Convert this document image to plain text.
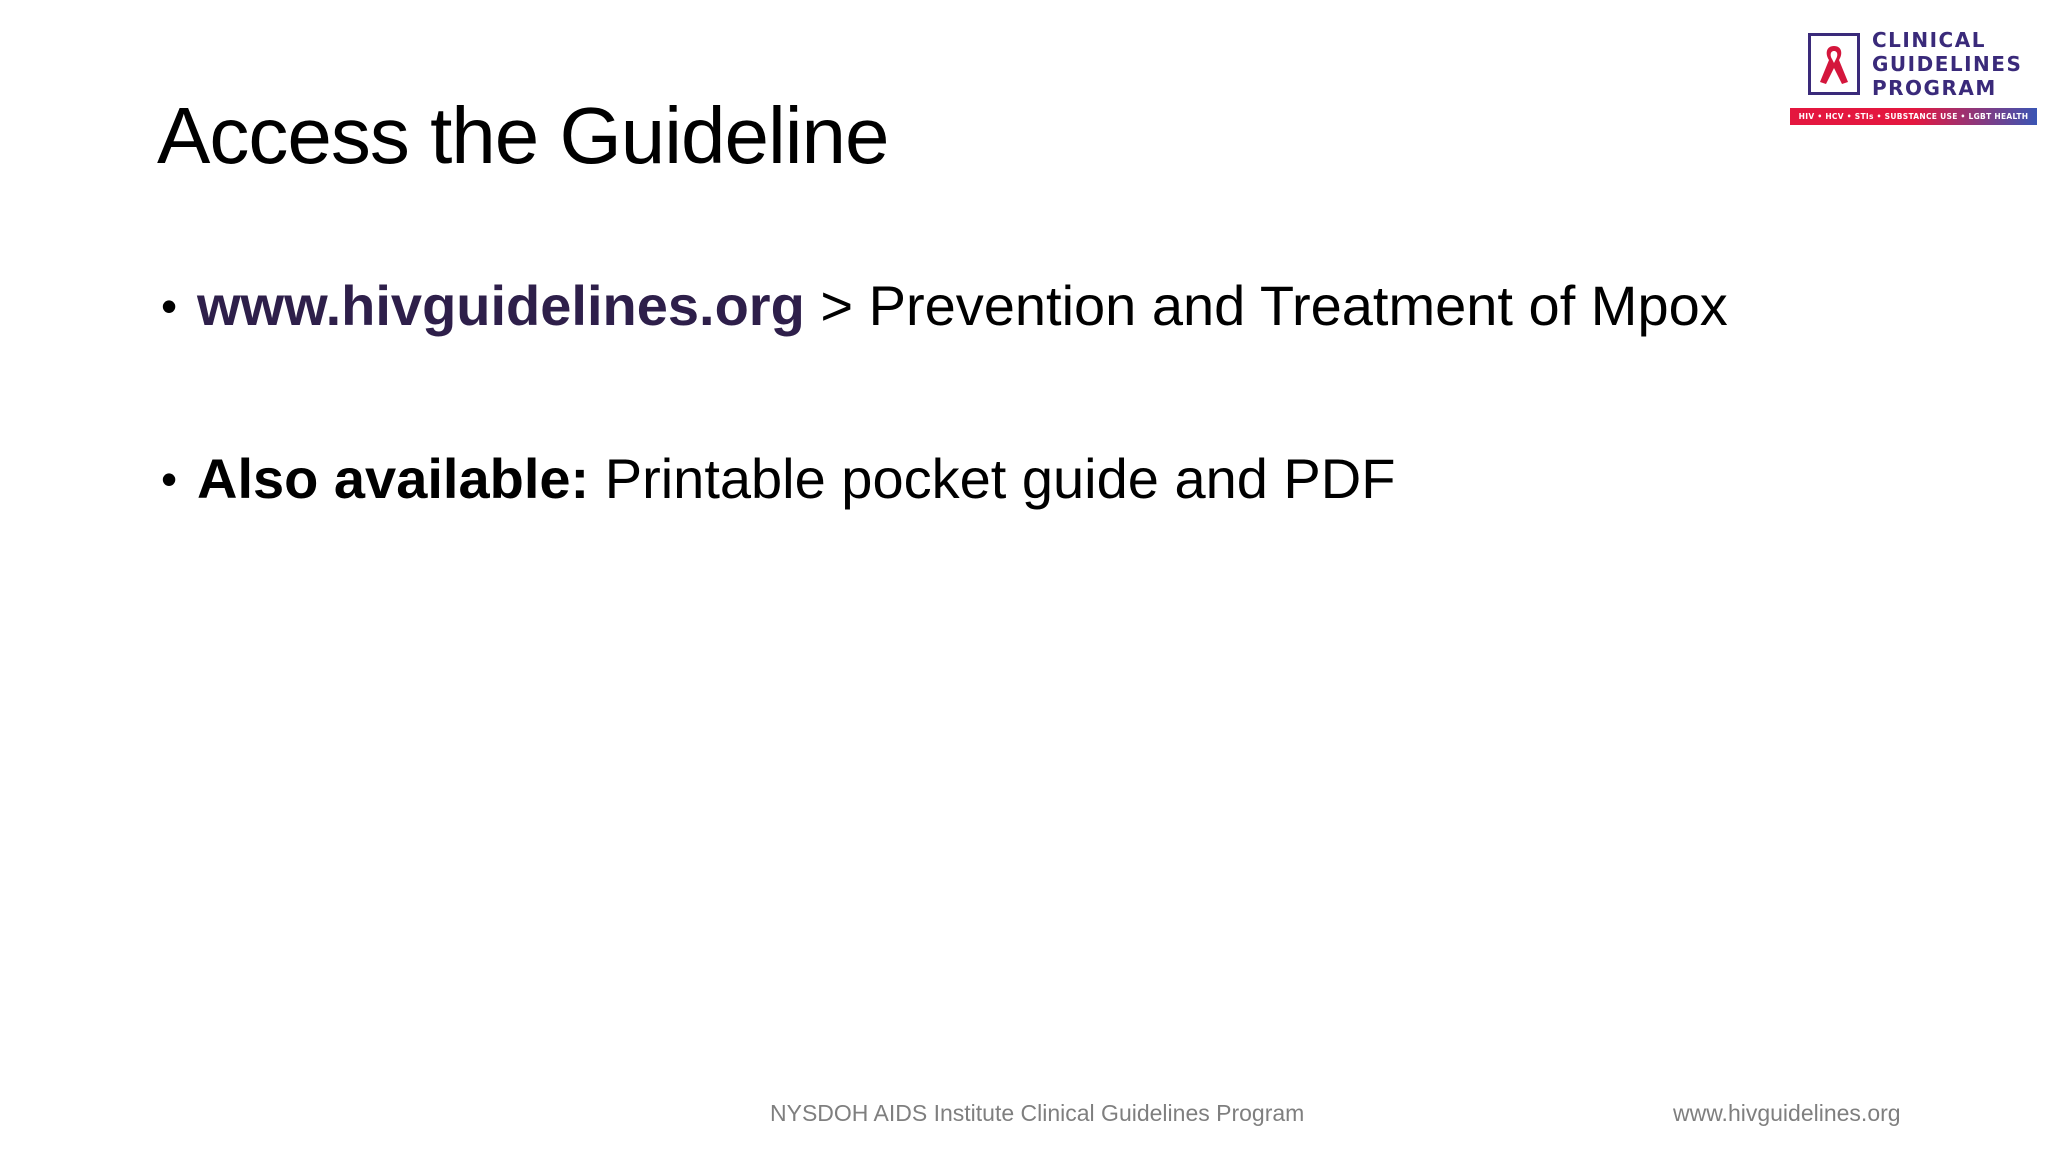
Access the Guideline
• www.hivguidelines.org > Prevention and Treatment of Mpox
• Also available: Printable pocket guide and PDF
CLINICAL
GUIDELINES
PROGRAM
HIV • HCV • STIs • SUBSTANCE USE • LGBT HEALTH
NYSDOH AIDS Institute Clinical Guidelines Program	www.hivguidelines.org
